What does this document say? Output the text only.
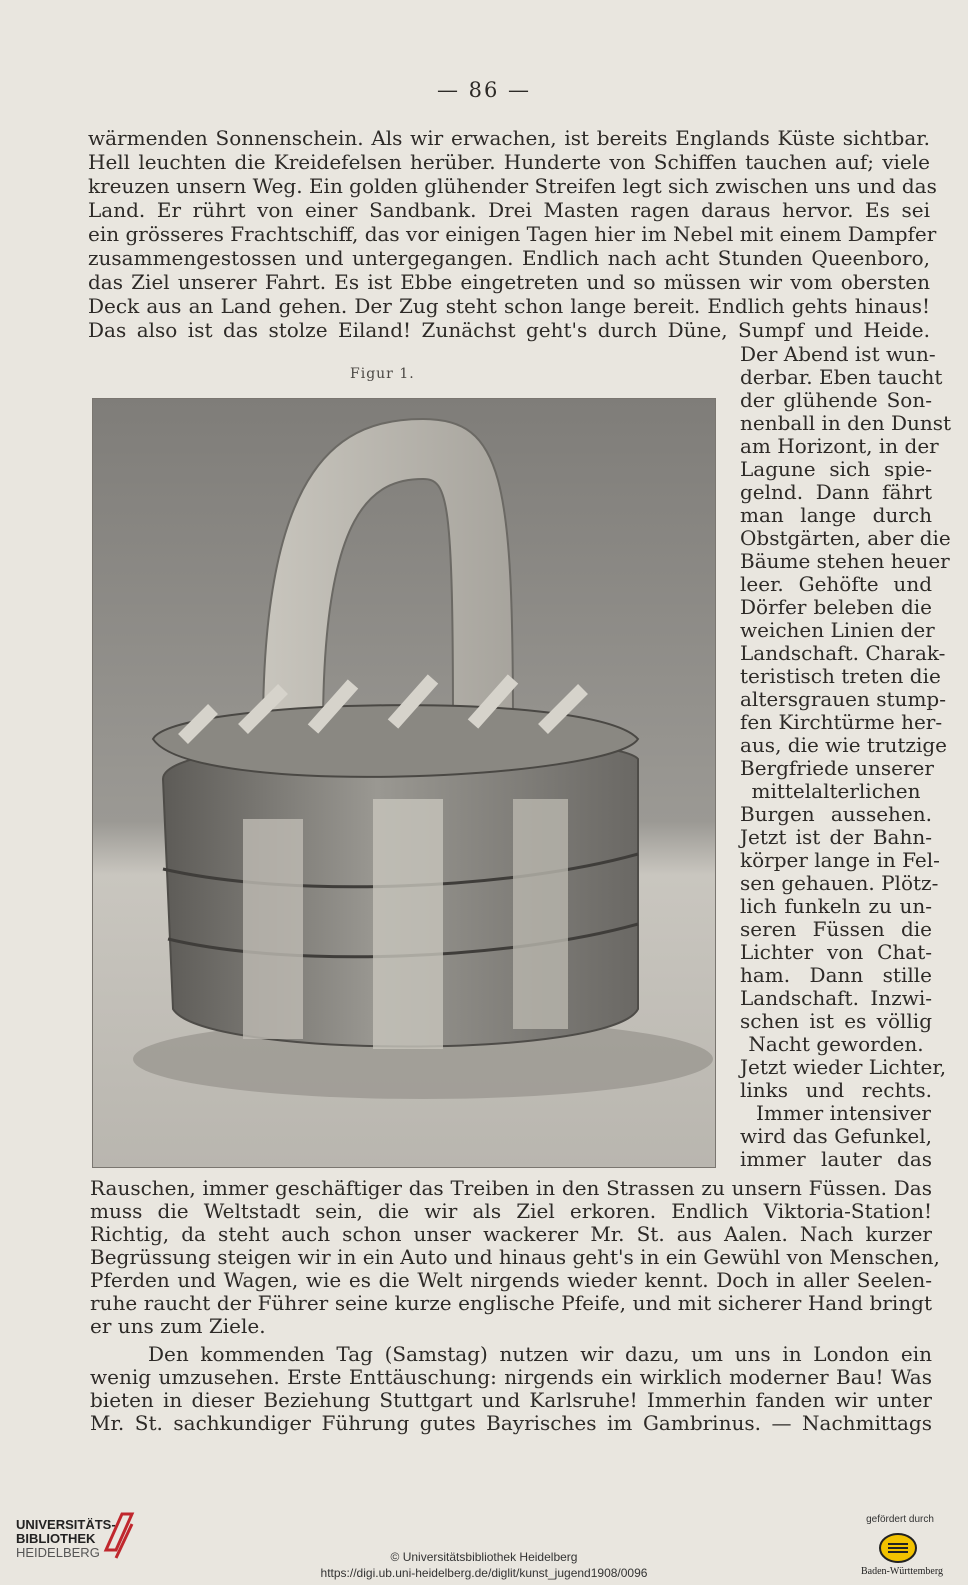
— 86 —
wärmenden Sonnenschein. Als wir erwachen, ist bereits Englands Küste sichtbar.
Hell leuchten die Kreidefelsen herüber. Hunderte von Schiffen tauchen auf; viele
kreuzen unsern Weg. Ein golden glühender Streifen legt sich zwischen uns und das
Land. Er rührt von einer Sandbank. Drei Masten ragen daraus hervor. Es sei
ein grösseres Frachtschiff, das vor einigen Tagen hier im Nebel mit einem Dampfer
zusammengestossen und untergegangen. Endlich nach acht Stunden Queenboro,
das Ziel unserer Fahrt. Es ist Ebbe eingetreten und so müssen wir vom obersten
Deck aus an Land gehen. Der Zug steht schon lange bereit. Endlich gehts hinaus!
Das also ist das stolze Eiland! Zunächst geht's durch Düne, Sumpf und Heide.
Figur 1.
Der Abend ist wun-
derbar. Eben taucht
der glühende Son-
nenball in den Dunst
am Horizont, in der
Lagune sich spie-
gelnd. Dann fährt
man lange durch
Obstgärten, aber die
Bäume stehen heuer
leer. Gehöfte und
Dörfer beleben die
weichen Linien der
Landschaft. Charak-
teristisch treten die
altersgrauen stump-
fen Kirchtürme her-
aus, die wie trutzige
Bergfriede unserer
mittelalterlichen
Burgen aussehen.
Jetzt ist der Bahn-
körper lange in Fel-
sen gehauen. Plötz-
lich funkeln zu un-
seren Füssen die
Lichter von Chat-
ham. Dann stille
Landschaft. Inzwi-
schen ist es völlig
Nacht geworden.
Jetzt wieder Lichter,
links und rechts.
Immer intensiver
wird das Gefunkel,
immer lauter das
Rauschen, immer geschäftiger das Treiben in den Strassen zu unsern Füssen. Das
muss die Weltstadt sein, die wir als Ziel erkoren. Endlich Viktoria-Station!
Richtig, da steht auch schon unser wackerer Mr. St. aus Aalen. Nach kurzer
Begrüssung steigen wir in ein Auto und hinaus geht's in ein Gewühl von Menschen,
Pferden und Wagen, wie es die Welt nirgends wieder kennt. Doch in aller Seelen-
ruhe raucht der Führer seine kurze englische Pfeife, und mit sicherer Hand bringt
er uns zum Ziele.
Den kommenden Tag (Samstag) nutzen wir dazu, um uns in London ein
wenig umzusehen. Erste Enttäuschung: nirgends ein wirklich moderner Bau! Was
bieten in dieser Beziehung Stuttgart und Karlsruhe! Immerhin fanden wir unter
Mr. St. sachkundiger Führung gutes Bayrisches im Gambrinus. — Nachmittags
UNIVERSITÄTS-
BIBLIOTHEK
HEIDELBERG	© Universitätsbibliothek Heidelberg
https://digi.ub.uni-heidelberg.de/diglit/kunst_jugend1908/0096
gefördert durch
Baden-Württemberg
